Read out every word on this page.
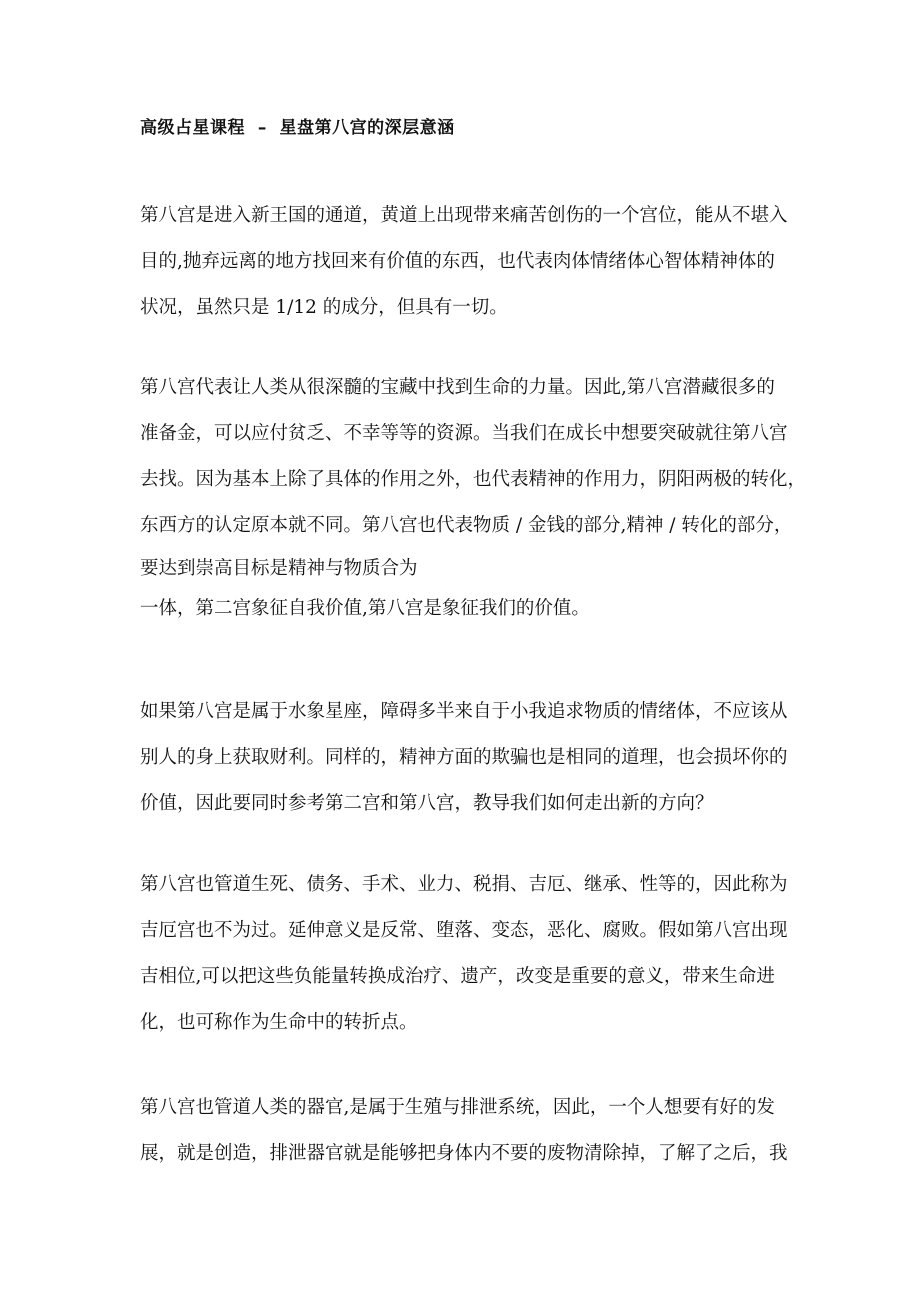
高级占星课程  –  星盘第八宫的深层意涵
第八宫是进入新王国的通道，黄道上出现带来痛苦创伤的一个宫位，能从不堪入
目的,抛弃远离的地方找回来有价值的东西，也代表肉体情绪体心智体精神体的
状况，虽然只是 1/12 的成分，但具有一切。
第八宫代表让人类从很深髓的宝藏中找到生命的力量。因此,第八宫潜藏很多的
准备金，可以应付贫乏、不幸等等的资源。当我们在成长中想要突破就往第八宫
去找。因为基本上除了具体的作用之外，也代表精神的作用力，阴阳两极的转化，
东西方的认定原本就不同。第八宫也代表物质 / 金钱的部分,精神 / 转化的部分，
要达到崇高目标是精神与物质合为
一体，第二宫象征自我价值,第八宫是象征我们的价值。
如果第八宫是属于水象星座，障碍多半来自于小我追求物质的情绪体，不应该从
别人的身上获取财利。同样的，精神方面的欺骗也是相同的道理，也会损坏你的
价值，因此要同时参考第二宫和第八宫，教导我们如何走出新的方向？
第八宫也管道生死、债务、手术、业力、税捐、吉厄、继承、性等的，因此称为
吉厄宫也不为过。延伸意义是反常、堕落、变态，恶化、腐败。假如第八宫出现
吉相位,可以把这些负能量转换成治疗、遗产，改变是重要的意义，带来生命进
化，也可称作为生命中的转折点。
第八宫也管道人类的器官,是属于生殖与排泄系统，因此，一个人想要有好的发
展，就是创造，排泄器官就是能够把身体内不要的废物清除掉，了解了之后，我
